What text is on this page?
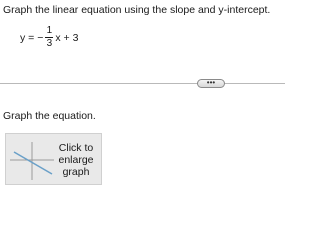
Graph the linear equation using the slope and y-intercept.
y = − $\frac{1}{3}$ x + 3
•••
Graph the equation.
Click to
enlarge
graph
